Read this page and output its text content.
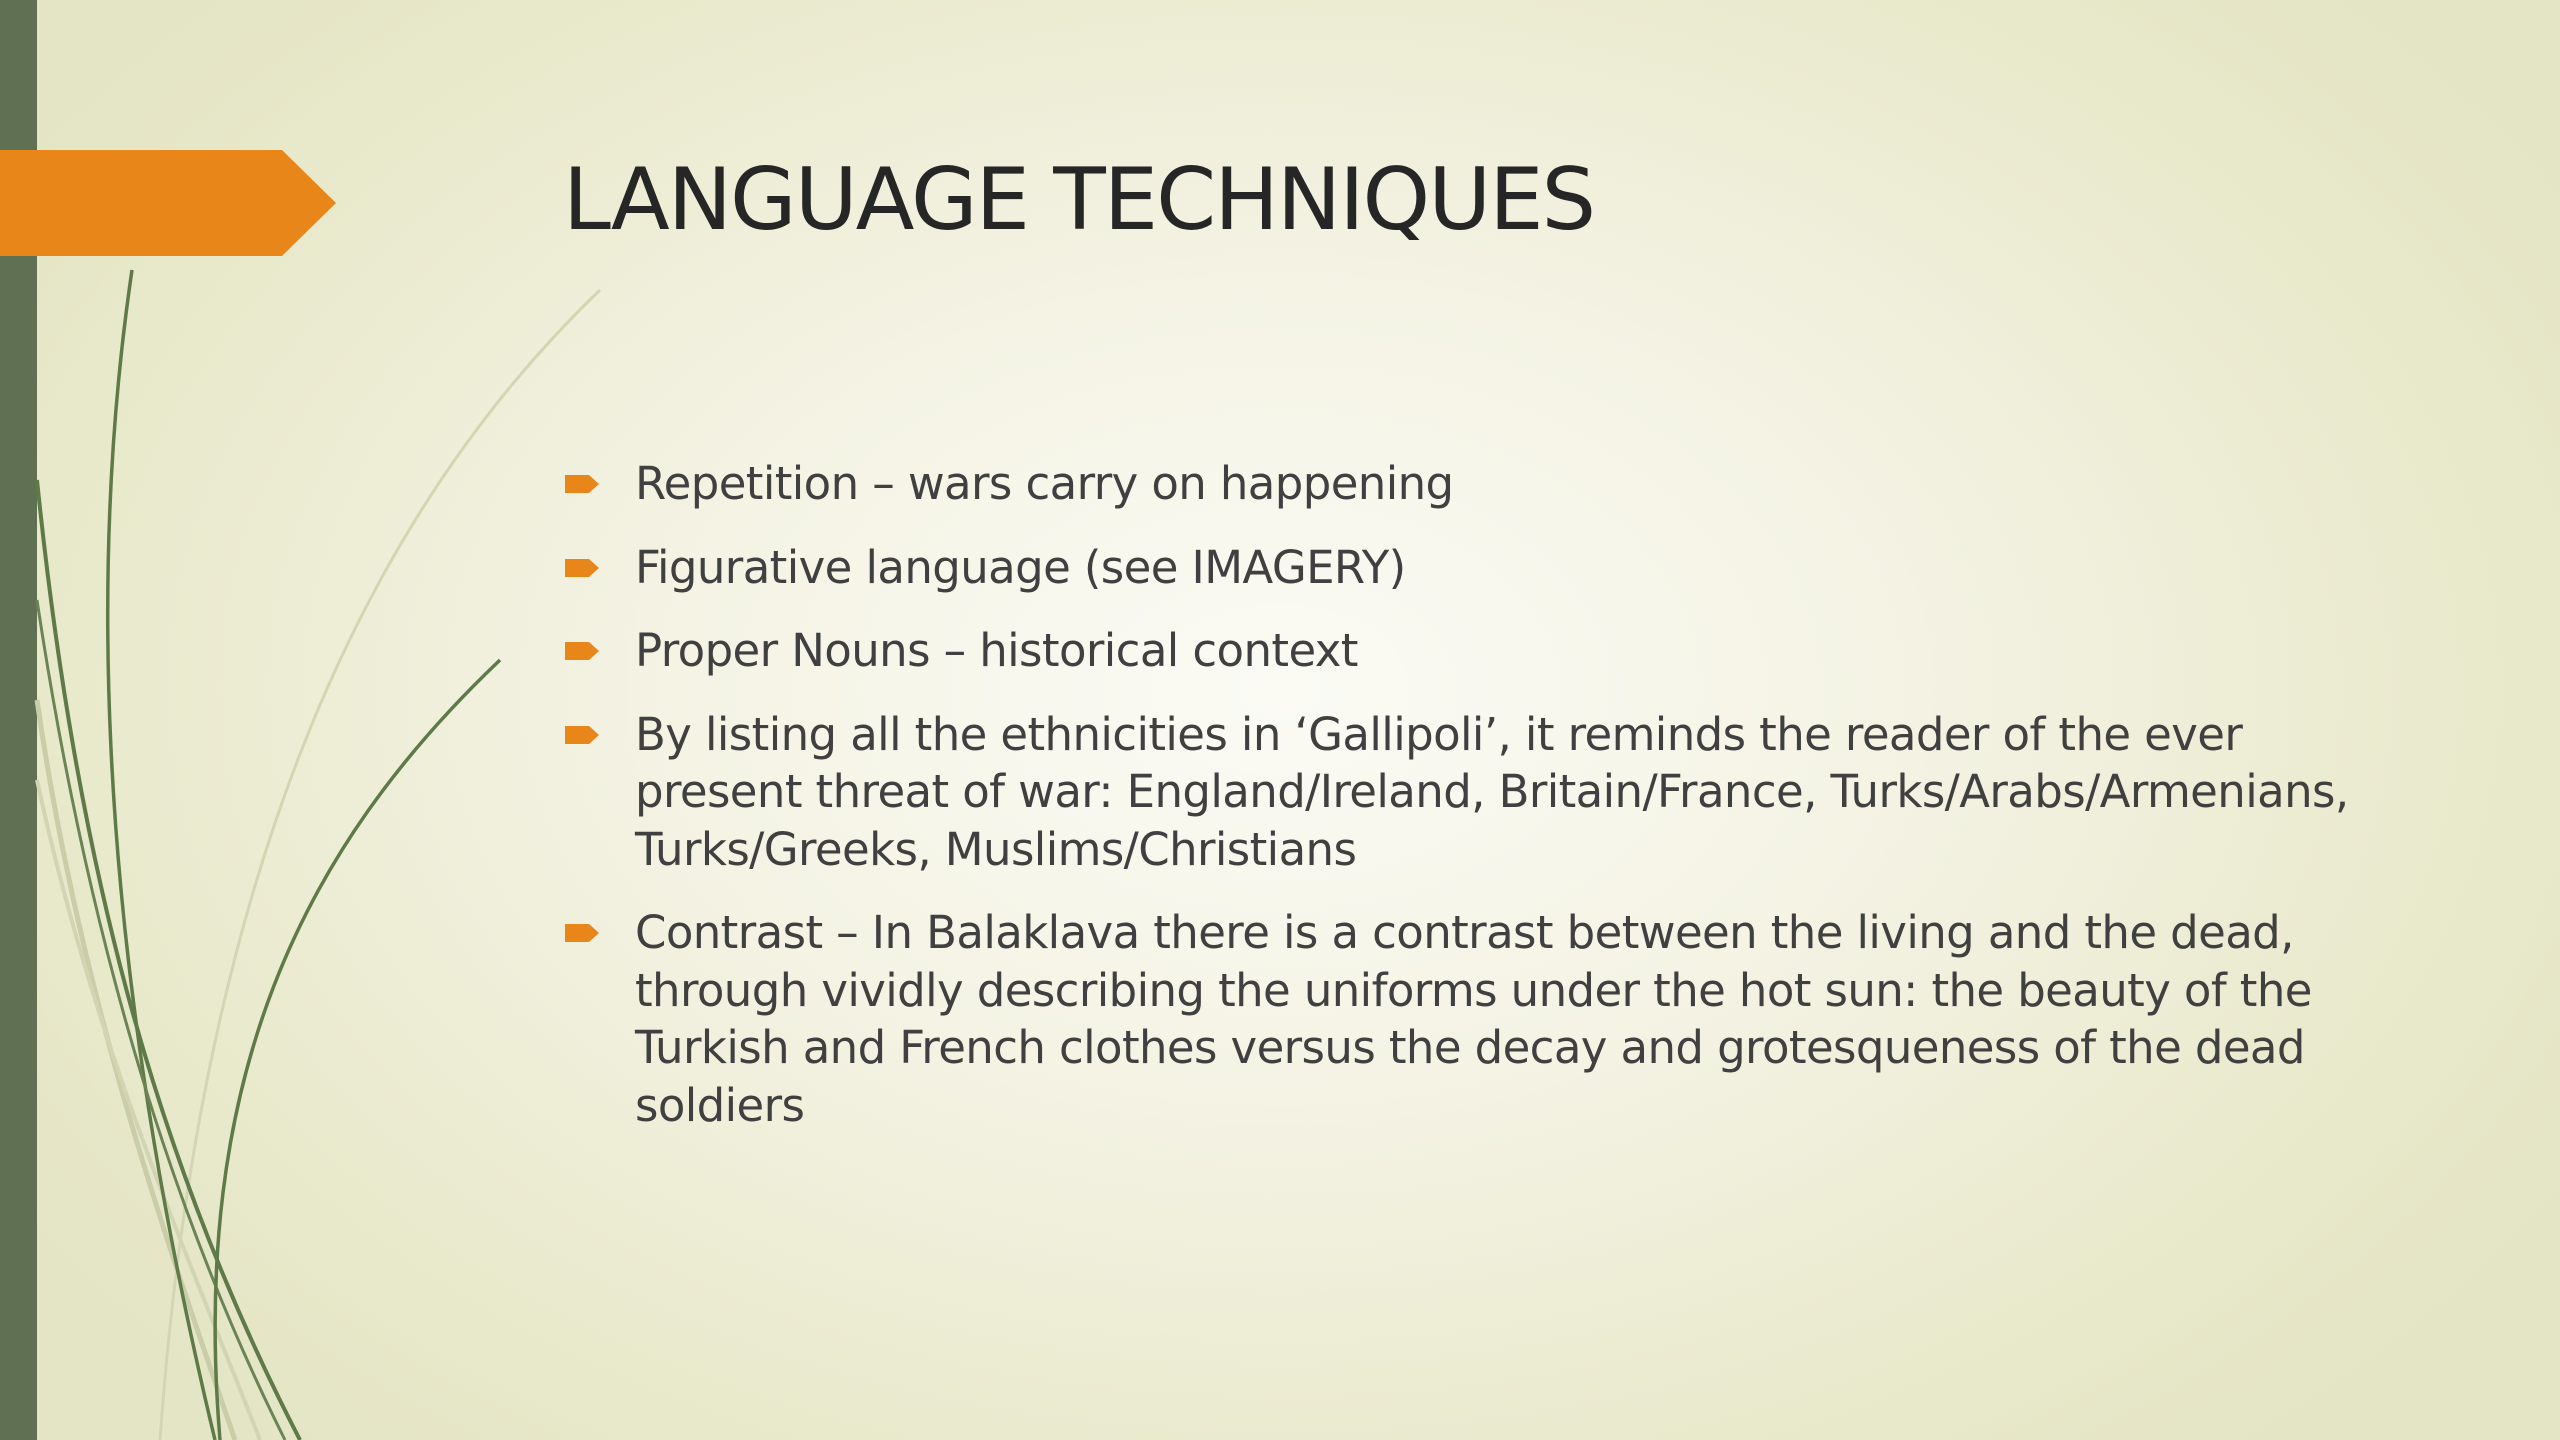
LANGUAGE TECHNIQUES
Repetition – wars carry on happening
Figurative language (see IMAGERY)
Proper Nouns – historical context
By listing all the ethnicities in ‘Gallipoli’, it reminds the reader of the ever present threat of war: England/Ireland, Britain/France, Turks/Arabs/Armenians, Turks/Greeks, Muslims/Christians
Contrast – In Balaklava there is a contrast between the living and the dead, through vividly describing the uniforms under the hot sun: the beauty of the Turkish and French clothes versus the decay and grotesqueness of the dead soldiers
